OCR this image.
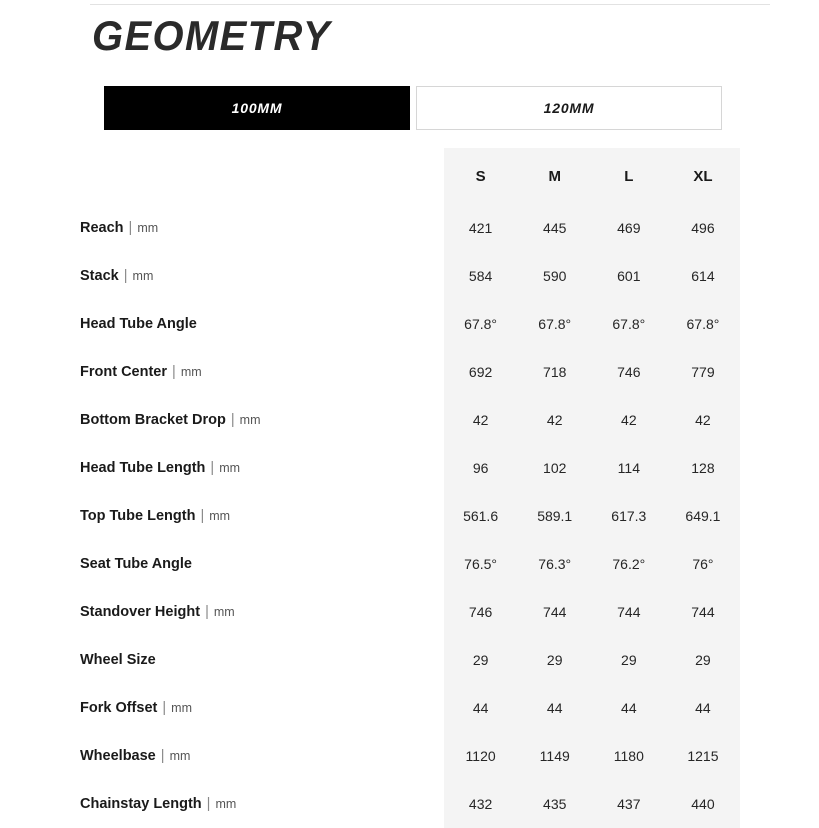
GEOMETRY
100MM	120MM
	S	M	L	XL
Reach | mm	421	445	469	496
Stack | mm	584	590	601	614
Head Tube Angle	67.8°	67.8°	67.8°	67.8°
Front Center | mm	692	718	746	779
Bottom Bracket Drop | mm	42	42	42	42
Head Tube Length | mm	96	102	114	128
Top Tube Length | mm	561.6	589.1	617.3	649.1
Seat Tube Angle	76.5°	76.3°	76.2°	76°
Standover Height | mm	746	744	744	744
Wheel Size	29	29	29	29
Fork Offset | mm	44	44	44	44
Wheelbase | mm	1120	1149	1180	1215
Chainstay Length | mm	432	435	437	440
